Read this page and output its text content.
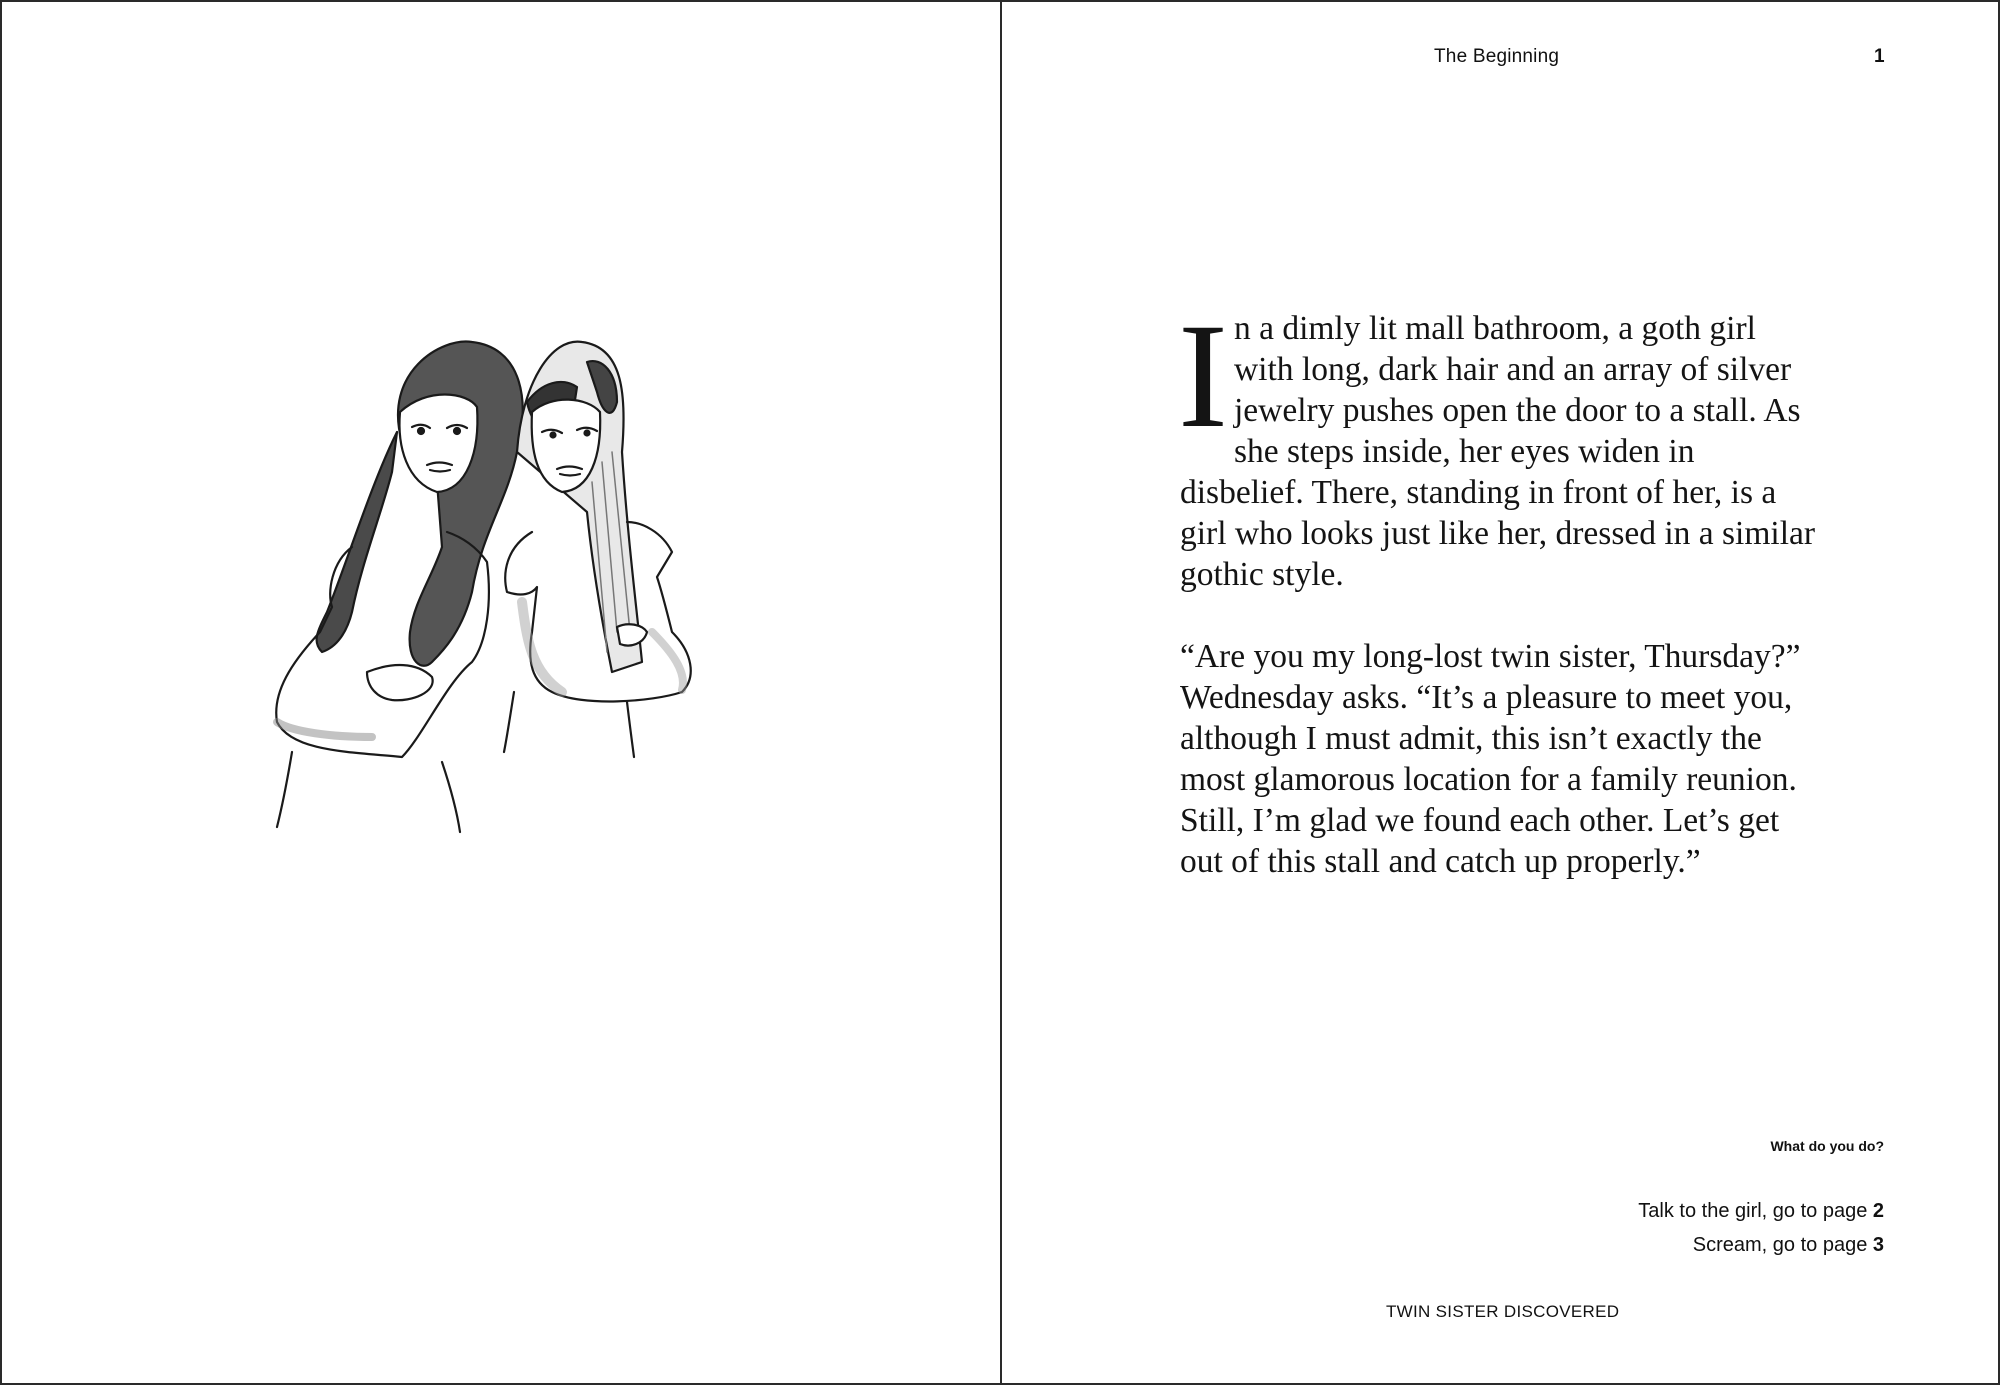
The Beginning	1

In a dimly lit mall bathroom, a goth girl with long, dark hair and an array of silver jewelry pushes open the door to a stall. As she steps inside, her eyes widen in disbelief. There, standing in front of her, is a girl who looks just like her, dressed in a similar gothic style.

“Are you my long-lost twin sister, Thursday?” Wednesday asks. “It’s a pleasure to meet you, although I must admit, this isn’t exactly the most glamorous location for a family reunion. Still, I’m glad we found each other. Let’s get out of this stall and catch up properly.”

What do you do?
Talk to the girl, go to page 2
Scream, go to page 3
TWIN SISTER DISCOVERED
